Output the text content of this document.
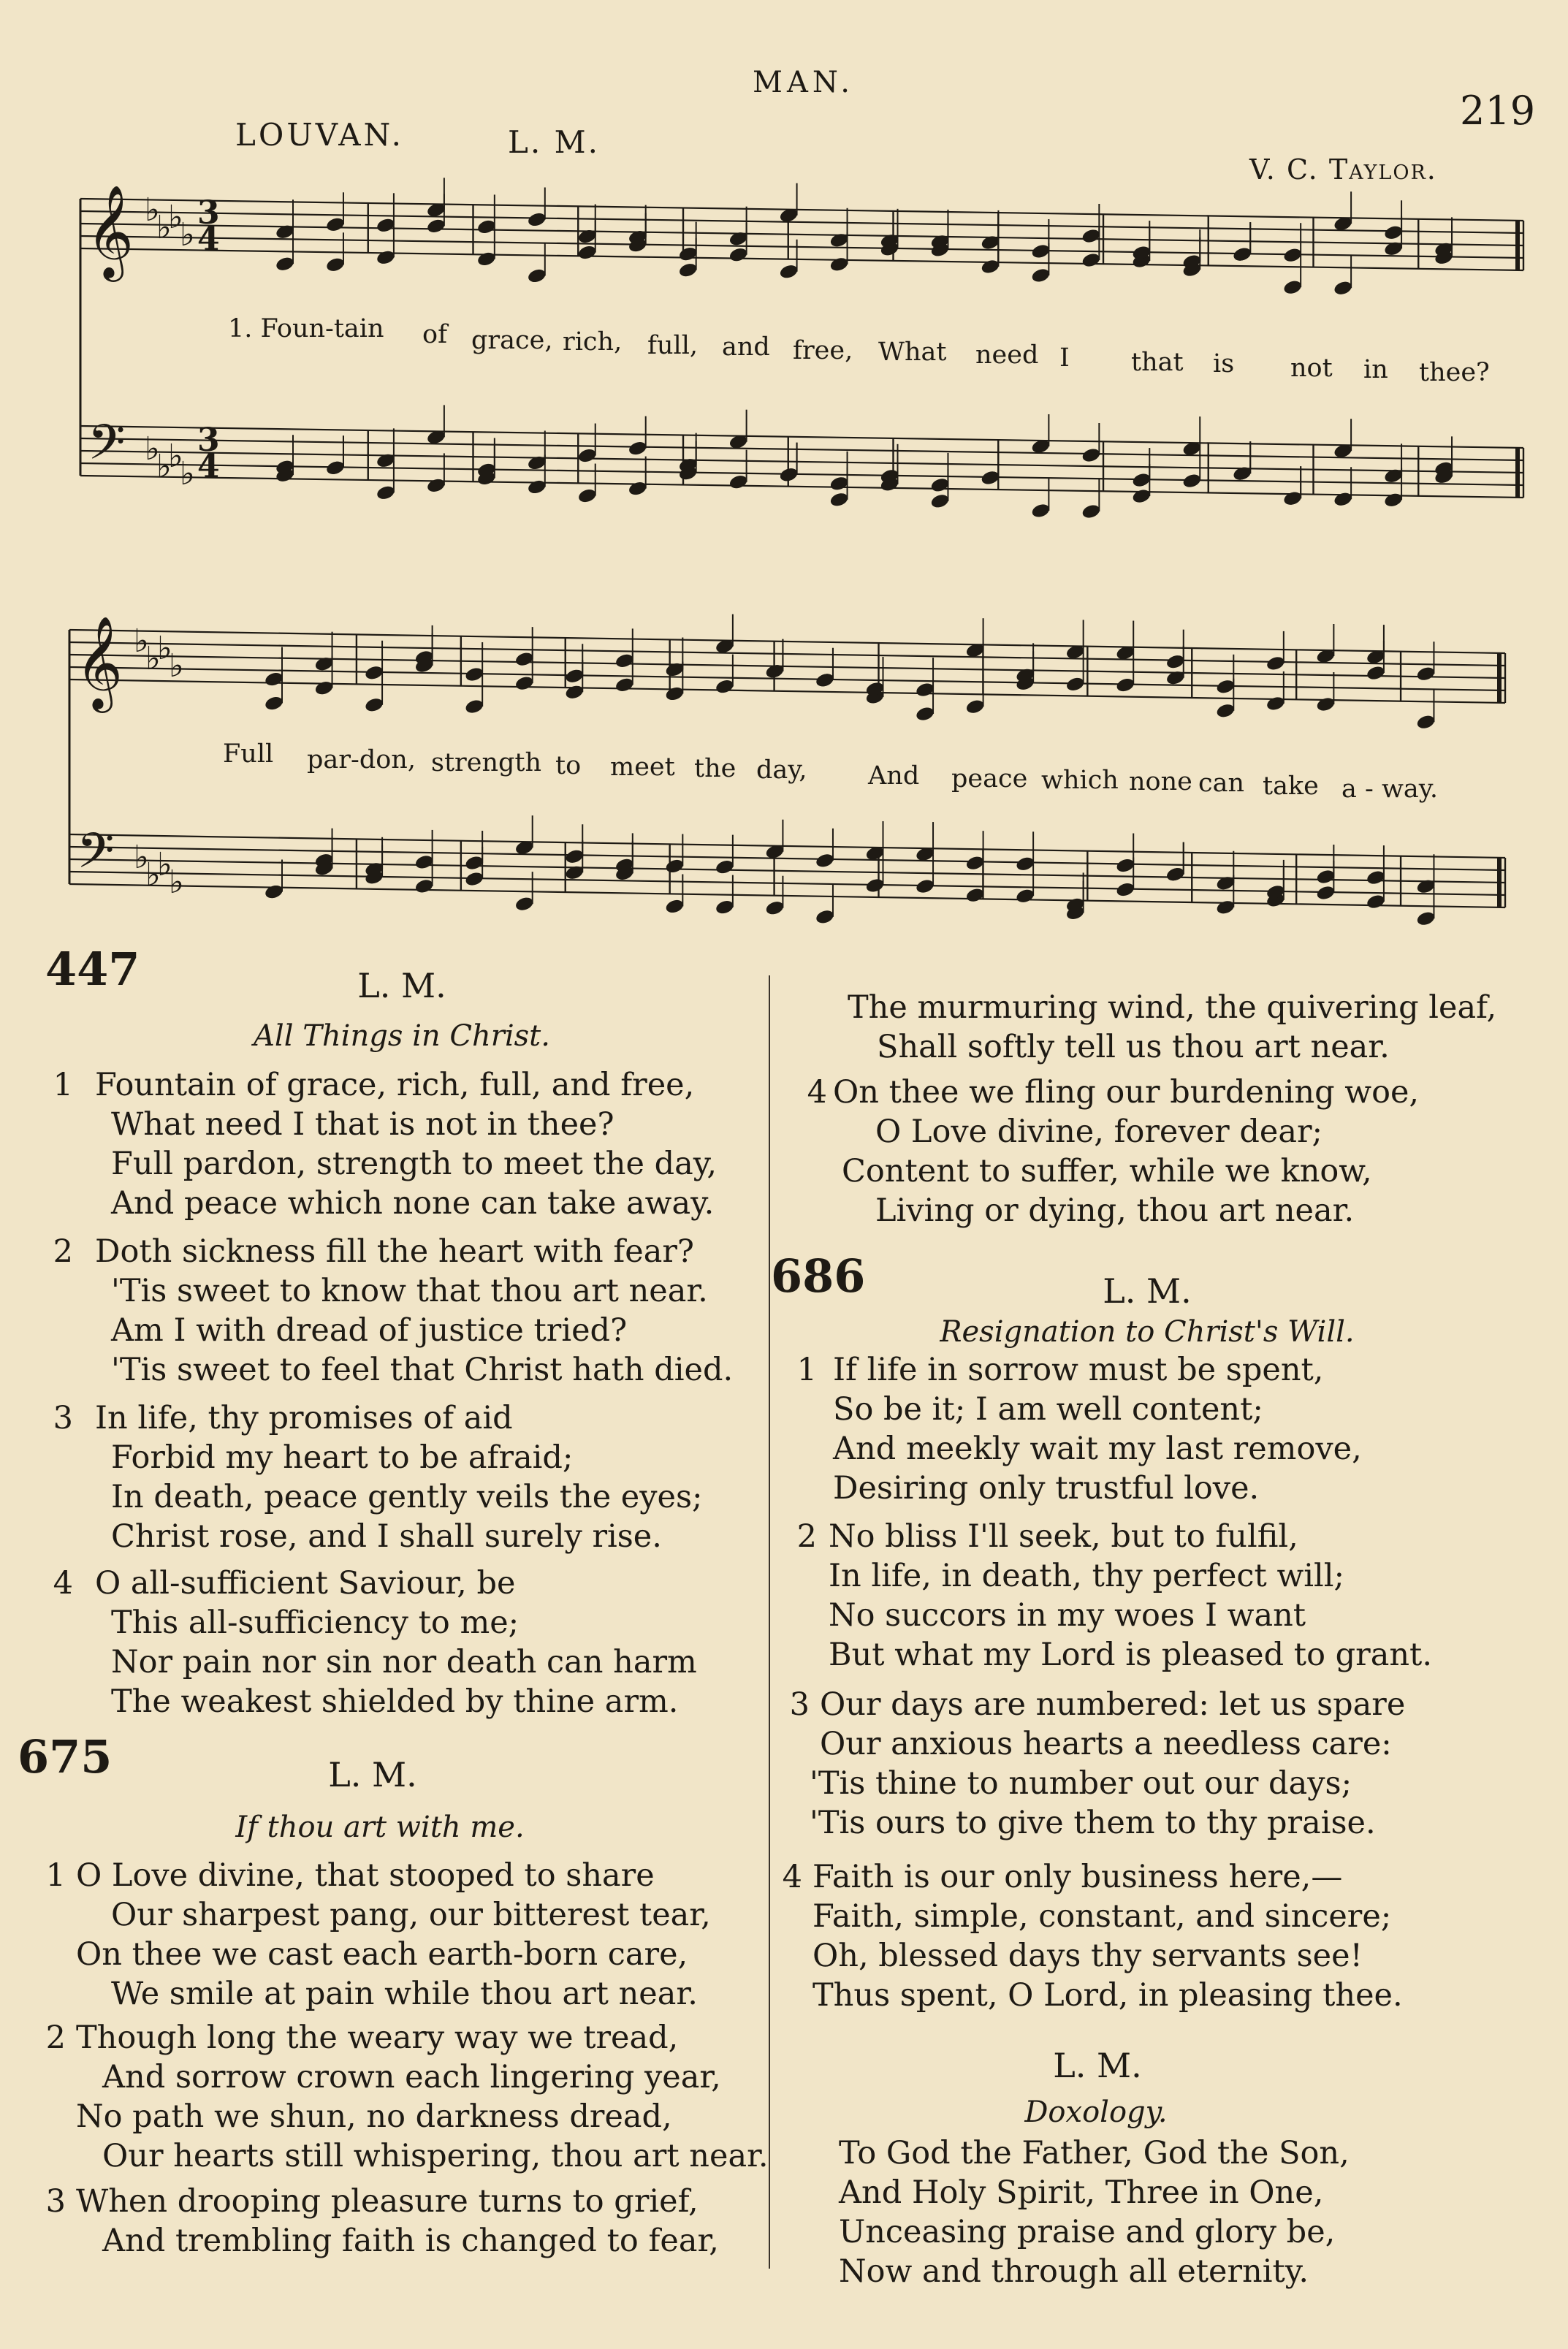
MAN.
219
LOUVAN.	L. M.
V. C. Taylor.
𝄞
𝄢
♭
♭
♭
♭
♭
♭
♭
♭
3
4
3
4
𝄞
𝄢
♭
♭
♭
♭
♭
♭
♭
♭
1. Foun-tain of grace, rich, full, and free, What need I that is not in thee?
Full par-don, strength to meet the day, And peace which none can take a - way.
447	L. M.
All Things in Christ.
1 Fountain of grace, rich, full, and free,
What need I that is not in thee?
Full pardon, strength to meet the day,
And peace which none can take away.
2 Doth sickness fill the heart with fear?
'Tis sweet to know that thou art near.
Am I with dread of justice tried?
'Tis sweet to feel that Christ hath died.
3 In life, thy promises of aid
Forbid my heart to be afraid;
In death, peace gently veils the eyes;
Christ rose, and I shall surely rise.
4 O all-sufficient Saviour, be
This all-sufficiency to me;
Nor pain nor sin nor death can harm
The weakest shielded by thine arm.
675	L. M.
If thou art with me.
1 O Love divine, that stooped to share
Our sharpest pang, our bitterest tear,
On thee we cast each earth-born care,
We smile at pain while thou art near.
2 Though long the weary way we tread,
And sorrow crown each lingering year,
No path we shun, no darkness dread,
Our hearts still whispering, thou art near.
3 When drooping pleasure turns to grief,
And trembling faith is changed to fear,
The murmuring wind, the quivering leaf,
Shall softly tell us thou art near.
4 On thee we fling our burdening woe,
O Love divine, forever dear;
Content to suffer, while we know,
Living or dying, thou art near.
686	L. M.
Resignation to Christ's Will.
1 If life in sorrow must be spent,
So be it; I am well content;
And meekly wait my last remove,
Desiring only trustful love.
2 No bliss I'll seek, but to fulfil,
In life, in death, thy perfect will;
No succors in my woes I want
But what my Lord is pleased to grant.
3 Our days are numbered: let us spare
Our anxious hearts a needless care:
'Tis thine to number out our days;
'Tis ours to give them to thy praise.
4 Faith is our only business here,—
Faith, simple, constant, and sincere;
Oh, blessed days thy servants see!
Thus spent, O Lord, in pleasing thee.
L. M.
Doxology.
To God the Father, God the Son,
And Holy Spirit, Three in One,
Unceasing praise and glory be,
Now and through all eternity.
